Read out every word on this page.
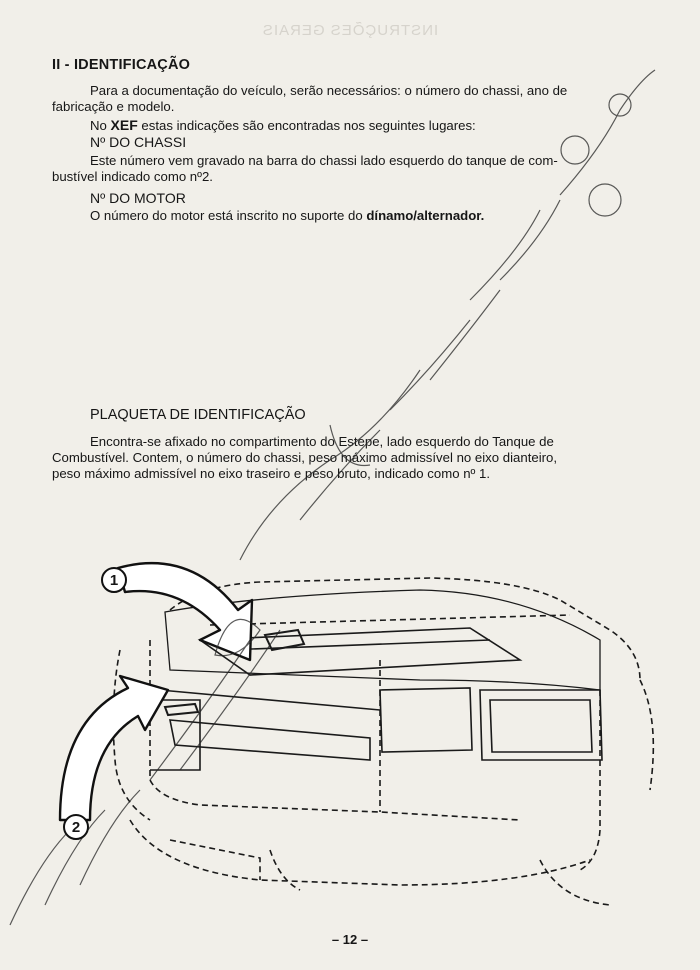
INSTRUÇÕES GERAIS
II - IDENTIFICAÇÃO
Para a documentação do veículo, serão necessários: o número do chassi, ano de
fabricação e modelo.
No XEF estas indicações são encontradas nos seguintes lugares:
Nº DO CHASSI
Este número vem gravado na barra do chassi lado esquerdo do tanque de com-
bustível indicado como nº2.
Nº DO MOTOR
O número do motor está inscrito no suporte do dínamo/alternador.
PLAQUETA DE IDENTIFICAÇÃO
Encontra-se afixado no compartimento do Estepe, lado esquerdo do Tanque de
Combustível. Contem, o número do chassi, peso máximo admissível no eixo dianteiro,
peso máximo admissível no eixo traseiro e peso bruto, indicado como nº 1.
1
2
– 12 –
